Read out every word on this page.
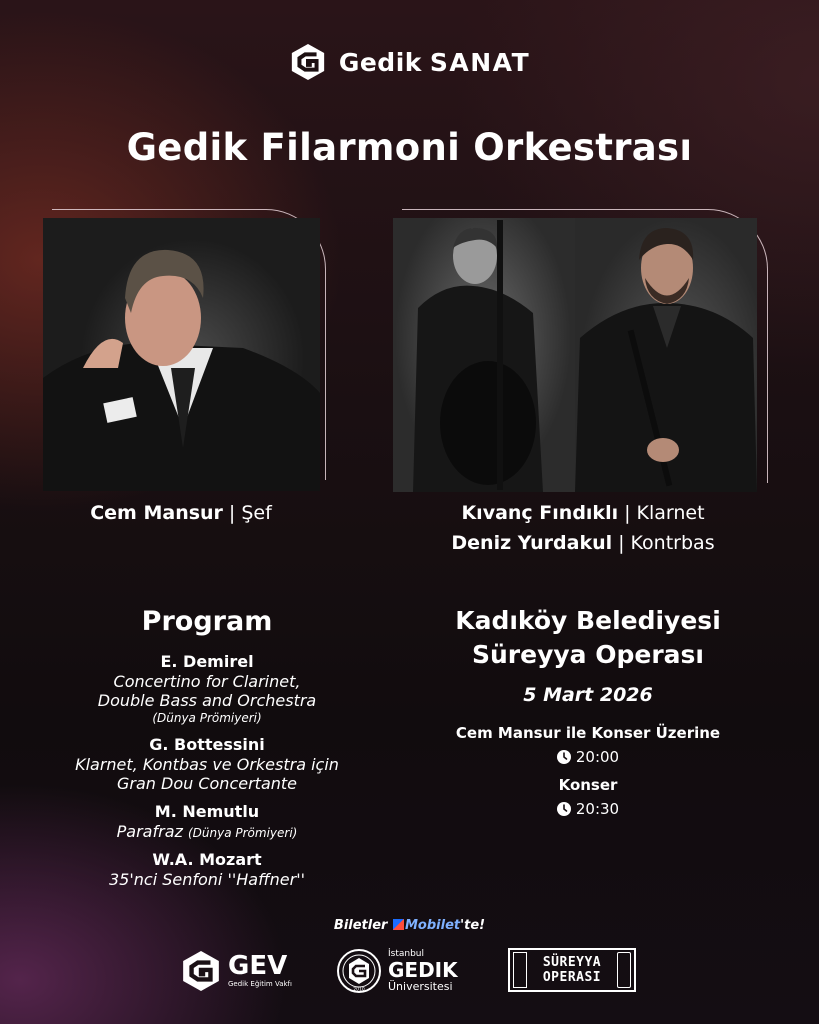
Gedik SANAT
Gedik Filarmoni Orkestrası
Cem Mansur | Şef	Kıvanç Fındıklı | Klarnet
Deniz Yurdakul | Kontrbas
Program
E. Demirel
Concertino for Clarinet,
Double Bass and Orchestra
(Dünya Prömiyeri)
G. Bottessini
Klarnet, Kontbas ve Orkestra için
Gran Dou Concertante
M. Nemutlu
Parafraz (Dünya Prömiyeri)
W.A. Mozart
35'nci Senfoni ''Haffner''
Kadıköy Belediyesi
Süreyya Operası
5 Mart 2026
Cem Mansur ile Konser Üzerine
20:00
Konser
20:30
Biletler Mobilet'te!
GEV
Gedik Eğitim Vakfı
2010
İstanbul
GEDIK
Üniversitesi
SÜREYYA
OPERASI
